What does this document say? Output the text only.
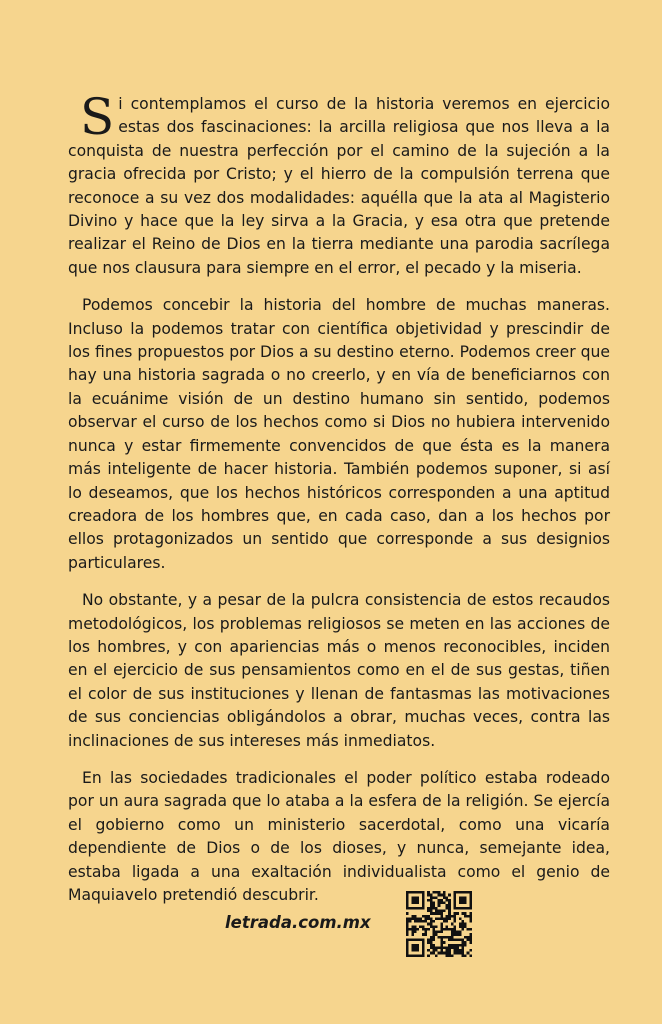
Si contemplamos el curso de la historia veremos en ejercicio estas dos fascinaciones: la arcilla religiosa que nos lleva a la conquista de nuestra perfección por el camino de la sujeción a la gracia ofrecida por Cristo; y el hierro de la compulsión terrena que reconoce a su vez dos modalidades: aquélla que la ata al Magisterio Divino y hace que la ley sirva a la Gracia, y esa otra que pretende realizar el Reino de Dios en la tierra mediante una parodia sacrílega que nos clausura para siempre en el error, el pecado y la miseria.

Podemos concebir la historia del hombre de muchas maneras. Incluso la podemos tratar con científica objetividad y prescindir de los fines propuestos por Dios a su destino eterno. Podemos creer que hay una historia sagrada o no creerlo, y en vía de beneficiarnos con la ecuánime visión de un destino humano sin sentido, podemos observar el curso de los hechos como si Dios no hubiera intervenido nunca y estar firmemente convencidos de que ésta es la manera más inteligente de hacer historia. También podemos suponer, si así lo deseamos, que los hechos históricos corresponden a una aptitud creadora de los hombres que, en cada caso, dan a los hechos por ellos protagonizados un sentido que corresponde a sus designios particulares.

No obstante, y a pesar de la pulcra consistencia de estos recaudos metodológicos, los problemas religiosos se meten en las acciones de los hombres, y con apariencias más o menos reconocibles, inciden en el ejercicio de sus pensamientos como en el de sus gestas, tiñen el color de sus instituciones y llenan de fantasmas las motivaciones de sus conciencias obligándolos a obrar, muchas veces, contra las inclinaciones de sus intereses más inmediatos.

En las sociedades tradicionales el poder político estaba rodeado por un aura sagrada que lo ataba a la esfera de la religión. Se ejercía el gobierno como un ministerio sacerdotal, como una vicaría dependiente de Dios o de los dioses, y nunca, semejante idea, estaba ligada a una exaltación individualista como el genio de Maquiavelo pretendió descubrir.

letrada.com.mx
